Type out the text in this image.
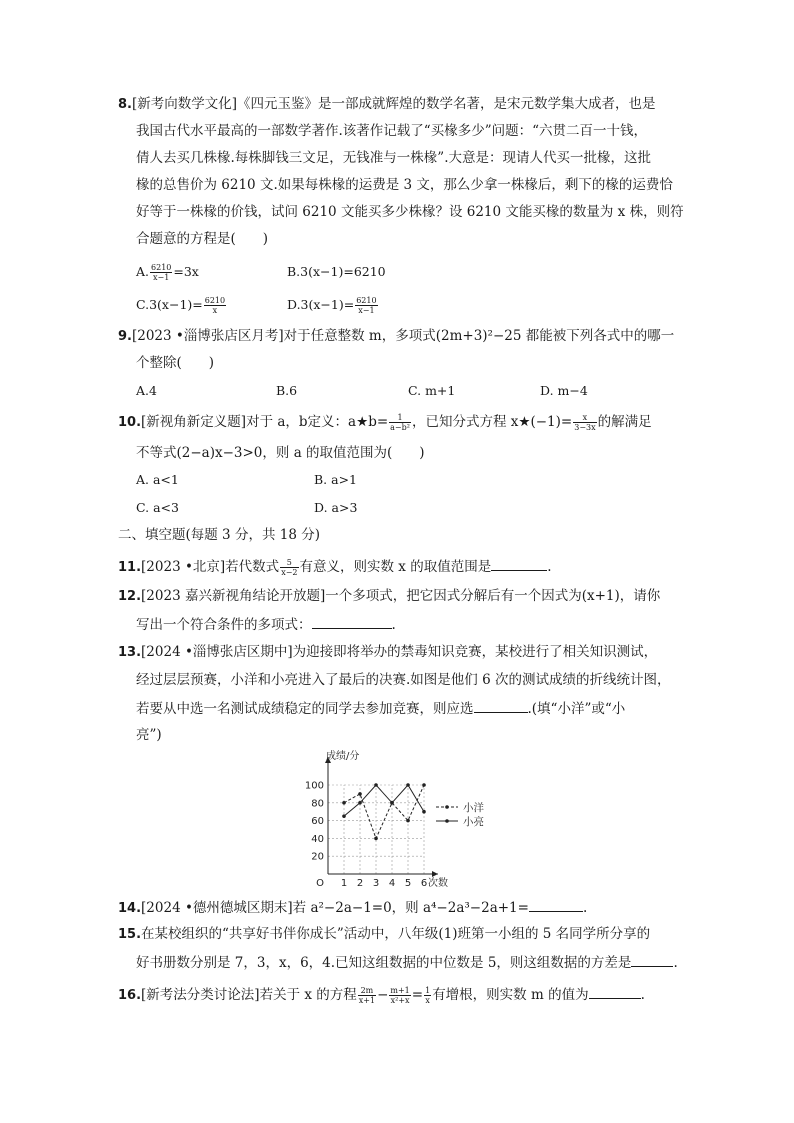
8.[新考向数学文化]《四元玉鉴》是一部成就辉煌的数学名著，是宋元数学集大成者，也是
我国古代水平最高的一部数学著作.该著作记载了“买椽多少”问题：“六贯二百一十钱，
倩人去买几株椽.每株脚钱三文足，无钱准与一株椽”.大意是：现请人代买一批椽，这批
椽的总售价为 6210 文.如果每株椽的运费是 3 文，那么少拿一株椽后，剩下的椽的运费恰
好等于一株椽的价钱，试问 6210 文能买多少株椽？设 6210 文能买椽的数量为 x 株，则符
合题意的方程是(　　)
A. $\frac{6210}{x-1} =3x$	B.3(x−1)=6210
$C.3(x-1)= \frac{6210}{x}$	$D.3(x-1)= \frac{6210}{x-1}$
9.[2023 •淄博张店区月考]对于任意整数 m，多项式(2m+3)²−25 都能被下列各式中的哪一
个整除(　　)
A.4	B.6	C. m+1	D. m−4
10.[新视角新定义题]对于 a，b定义：a★b= $\frac{1}{\text{a−b²}}$ ，已知分式方程 x★(−1)= $\frac{x}{3-3x}$ 的解满足
不等式(2−a)x−3>0，则 a 的取值范围为(　　)
A. a<1	B. a>1
C. a<3	D. a>3
二、填空题(每题 3 分，共 18 分)
11.[2023 •北京]若代数式 $\frac{5}{x-2}$ 有意义，则实数 x 的取值范围是	.
12.[2023 嘉兴新视角结论开放题]一个多项式，把它因式分解后有一个因式为(x+1)，请你
写出一个符合条件的多项式：	.
13.[2024 •淄博张店区期中]为迎接即将举办的禁毒知识竞赛，某校进行了相关知识测试，
经过层层预赛，小洋和小亮进入了最后的决赛.如图是他们 6 次的测试成绩的折线统计图，
若要从中选一名测试成绩稳定的同学去参加竞赛，则应选	.(填“小洋”或“小
亮”)
20
40
60
80
100
1 2 3 4 5 6
O	次数
成绩/分
小洋
小亮
14.[2024 •德州德城区期末]若 a²−2a−1=0，则 a⁴−2a³−2a+1=	.
15.在某校组织的“共享好书伴你成长”活动中，八年级(1)班第一小组的 5 名同学所分享的
好书册数分别是 7，3，x，6，4.已知这组数据的中位数是 5，则这组数据的方差是	.
16.[新考法分类讨论法]若关于 x 的方程 $\frac{2m}{x+1} - \frac{m+1}{\text{x²+x}} = \frac{1}{x}$ 有增根，则实数 m 的值为	.
